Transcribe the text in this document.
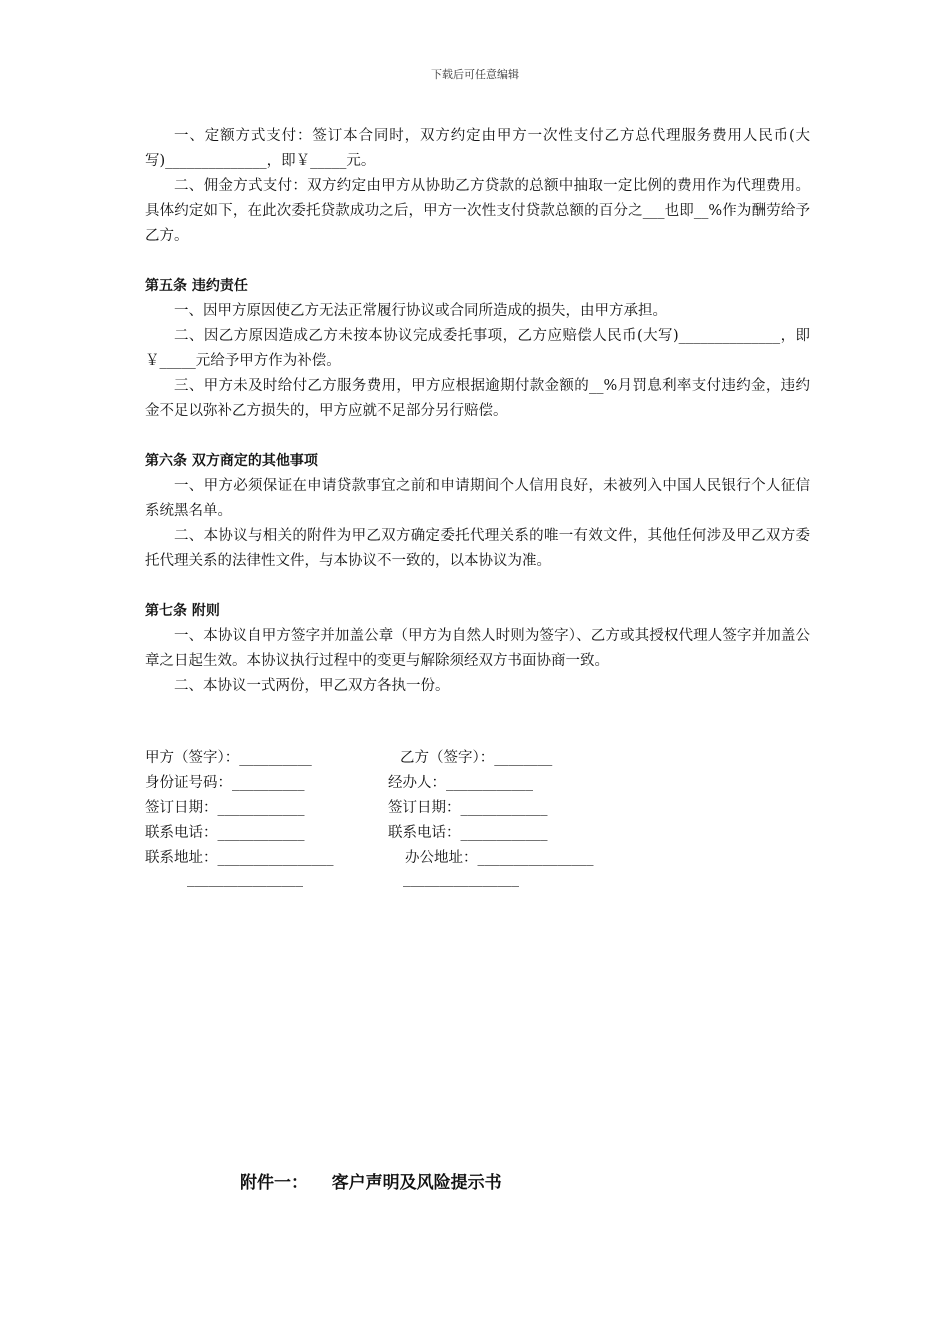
下载后可任意编辑

一、定额方式支付：签订本合同时，双方约定由甲方一次性支付乙方总代理服务费用人民币(大写)______________，即￥_____元。

二、佣金方式支付：双方约定由甲方从协助乙方贷款的总额中抽取一定比例的费用作为代理费用。具体约定如下，在此次委托贷款成功之后，甲方一次性支付贷款总额的百分之___也即__%作为酬劳给予乙方。

第五条 违约责任

一、因甲方原因使乙方无法正常履行协议或合同所造成的损失，由甲方承担。

二、因乙方原因造成乙方未按本协议完成委托事项，乙方应赔偿人民币(大写)______________，即￥_____元给予甲方作为补偿。

三、甲方未及时给付乙方服务费用，甲方应根据逾期付款金额的__%月罚息利率支付违约金，违约金不足以弥补乙方损失的，甲方应就不足部分另行赔偿。

第六条 双方商定的其他事项

一、甲方必须保证在申请贷款事宜之前和申请期间个人信用良好，未被列入中国人民银行个人征信系统黑名单。

二、本协议与相关的附件为甲乙双方确定委托代理关系的唯一有效文件，其他任何涉及甲乙双方委托代理关系的法律性文件，与本协议不一致的，以本协议为准。

第七条 附则

一、本协议自甲方签字并加盖公章（甲方为自然人时则为签字）、乙方或其授权代理人签字并加盖公章之日起生效。本协议执行过程中的变更与解除须经双方书面协商一致。

二、本协议一式两份，甲乙双方各执一份。

甲方（签字）：__________	乙方（签字）：________
身份证号码：__________	经办人：____________
签订日期：____________	签订日期：____________
联系电话：____________	联系电话：____________
联系地址：________________	办公地址：________________
________________	________________
附件一：    客户声明及风险提示书
